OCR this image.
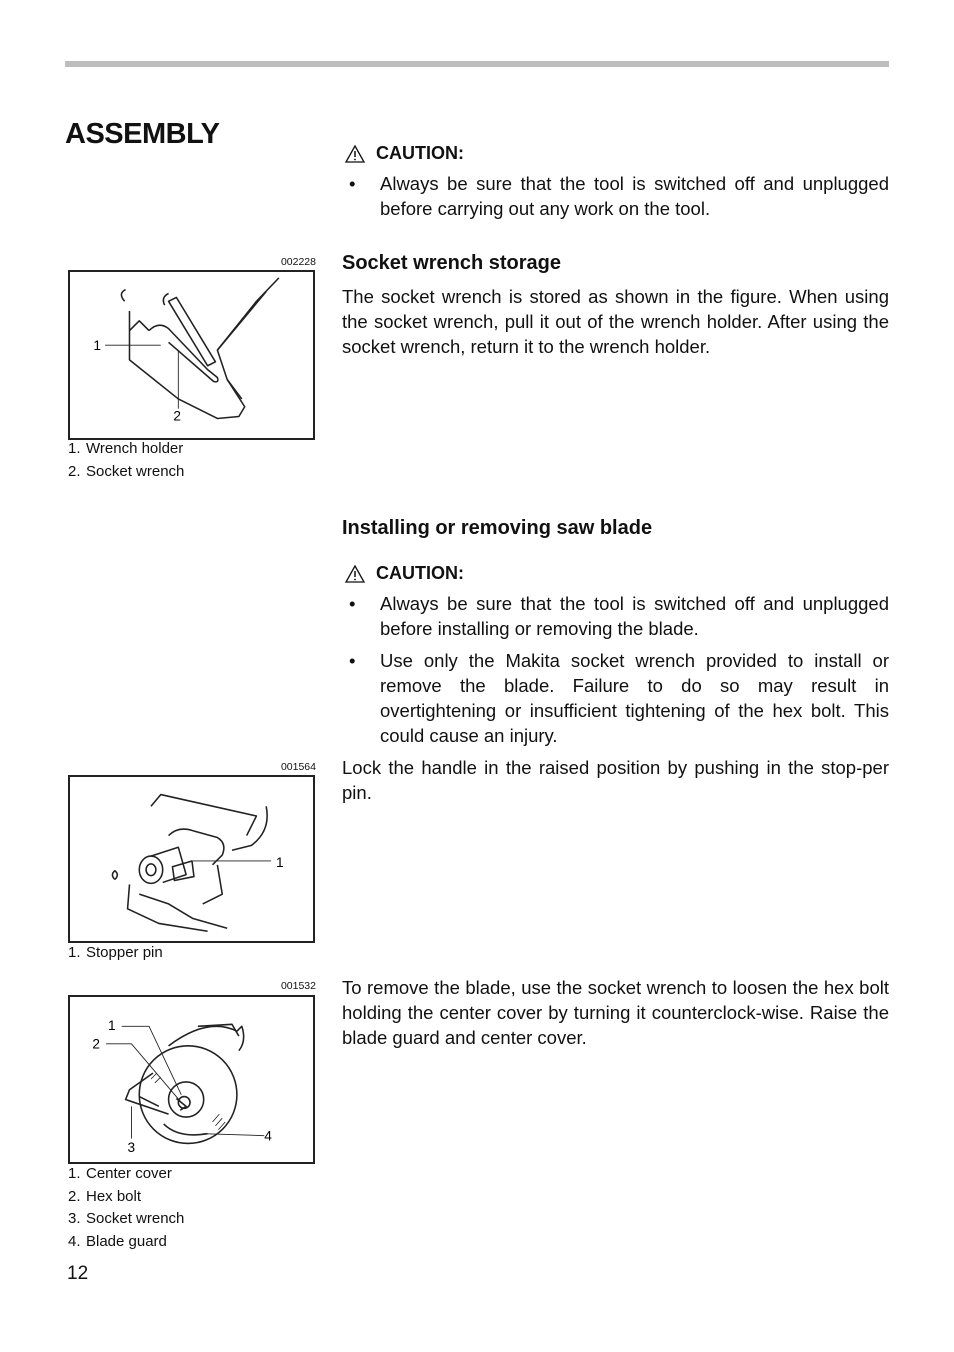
ASSEMBLY
CAUTION:
• Always be sure that the tool is switched off and unplugged before carrying out any work on the tool.
Socket wrench storage
The socket wrench is stored as shown in the figure. When using the socket wrench, pull it out of the wrench holder. After using the socket wrench, return it to the wrench holder.
002228
1
2
1. Wrench holder
2. Socket wrench
Installing or removing saw blade
CAUTION:
• Always be sure that the tool is switched off and unplugged before installing or removing the blade.
• Use only the Makita socket wrench provided to install or remove the blade. Failure to do so may result in overtightening or insufficient tightening of the hex bolt. This could cause an injury.
Lock the handle in the raised position by pushing in the stop-per pin.
001564
1
1. Stopper pin
To remove the blade, use the socket wrench to loosen the hex bolt holding the center cover by turning it counterclock-wise. Raise the blade guard and center cover.
001532
1
2
3
4
1. Center cover
2. Hex bolt
3. Socket wrench
4. Blade guard
12
